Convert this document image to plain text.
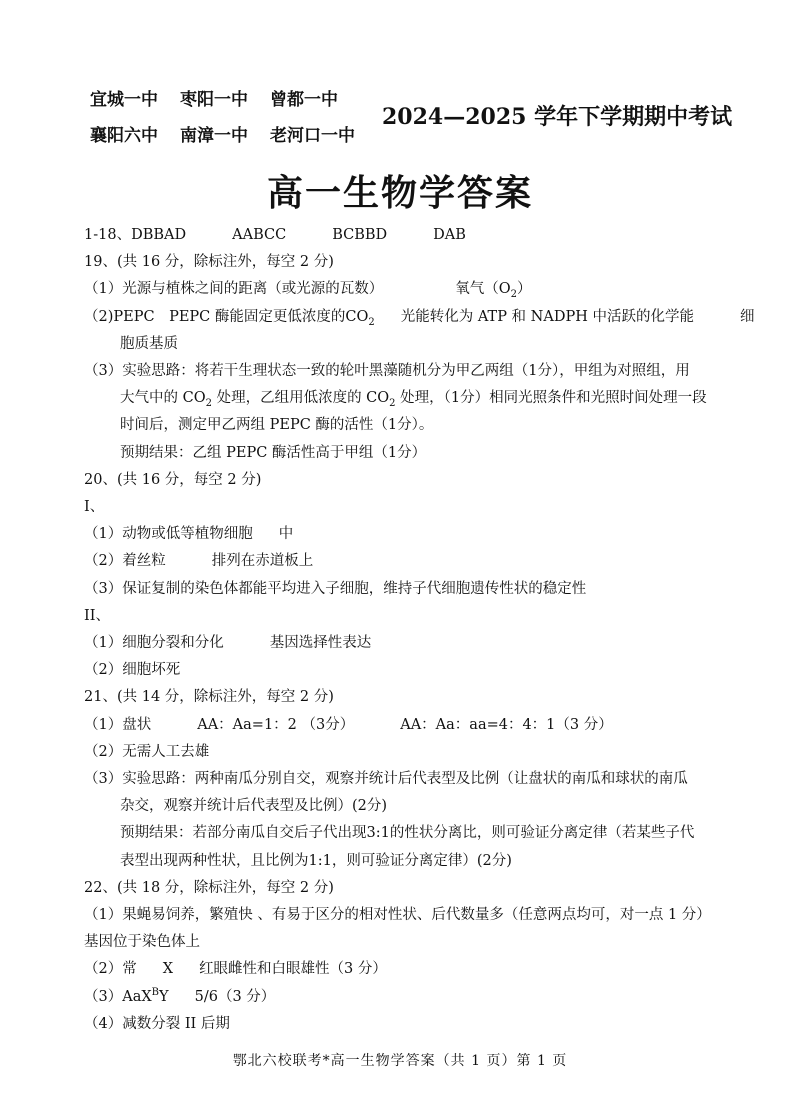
宜城一中 枣阳一中 曾都一中
襄阳六中 南漳一中 老河口一中
2024—2025 学年下学期期中考试
高一生物学答案
1-18、DBBAD	AABCC	BCBBD	DAB
19、(共 16 分，除标注外，每空 2 分)
（1）光源与植株之间的距离（或光源的瓦数）	氧气$(O_2)$
（2)PEPC　PEPC 酶能固定更低浓度的$CO_2$ 光能转化为 ATP 和 NADPH 中活跃的化学能	细
胞质基质
（3）实验思路：将若干生理状态一致的轮叶黑藻随机分为甲乙两组（1分），甲组为对照组，用
大气中的 $CO_2$ 处理，乙组用低浓度的 $CO_2$ 处理，（1分）相同光照条件和光照时间处理一段
时间后，测定甲乙两组 PEPC 酶的活性（1分）。
预期结果：乙组 PEPC 酶活性高于甲组（1分）
20、(共 16 分，每空 2 分)
I、
（1）动物或低等植物细胞 中
（2）着丝粒	排列在赤道板上
（3）保证复制的染色体都能平均进入子细胞，维持子代细胞遗传性状的稳定性
II、
（1）细胞分裂和分化	基因选择性表达
（2）细胞坏死
21、(共 14 分，除标注外，每空 2 分)
（1）盘状	AA：Aa=1：2 （3分）	AA：Aa：aa=4：4：1（3 分）
（2）无需人工去雄
（3）实验思路：两种南瓜分别自交，观察并统计后代表型及比例（让盘状的南瓜和球状的南瓜
杂交，观察并统计后代表型及比例）(2分)
预期结果：若部分南瓜自交后子代出现3:1的性状分离比，则可验证分离定律（若某些子代
表型出现两种性状，且比例为1:1，则可验证分离定律）(2分)
22、(共 18 分，除标注外，每空 2 分)
（1）果蝇易饲养，繁殖快 、有易于区分的相对性状、后代数量多（任意两点均可，对一点 1 分）
基因位于染色体上
（2）常 X 红眼雌性和白眼雄性（3 分）
（3）AaX$^B$Y 5/6（3 分）
（4）减数分裂 II 后期
鄂北六校联考*高一生物学答案（共 1 页）第 1 页
